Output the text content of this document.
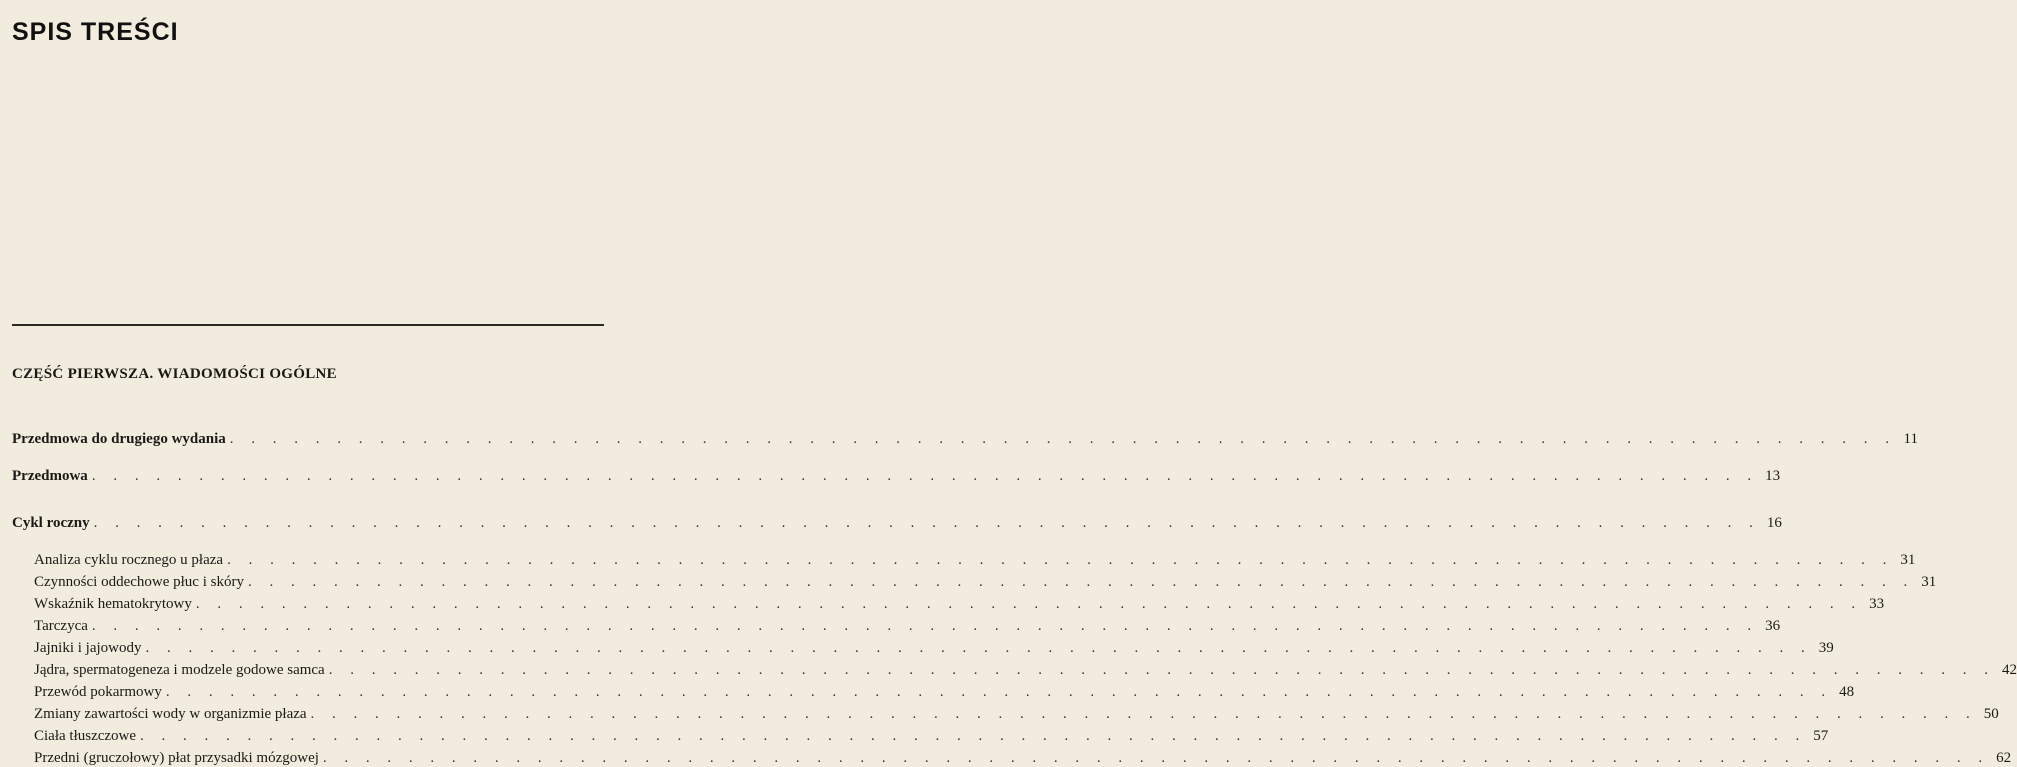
SPIS TREŚCI
CZĘŚĆ PIERWSZA. WIADOMOŚCI OGÓLNE
Przedmowa do drugiego wydania . . . . . . . . . . . . . . . . . . . . . . . . . . . . . . . . . . . . . . . . . . . . . . . . . . . . . . . . . . . . . . . . . . . . . . . . . . . . . . 11
Przedmowa . . . . . . . . . . . . . . . . . . . . . . . . . . . . . . . . . . . . . . . . . . . . . . . . . . . . . . . . . . . . . . . . . . . . . . . . . . . . . . 13
Cykl roczny . . . . . . . . . . . . . . . . . . . . . . . . . . . . . . . . . . . . . . . . . . . . . . . . . . . . . . . . . . . . . . . . . . . . . . . . . . . . . . 16
Analiza cyklu rocznego u płaza . . . . . . . . . . . . . . . . . . . . . . . . . . . . . . . . . . . . . . . . . . . . . . . . . . . . . . . . . . . . . . . . . . . . . . . . . . . . . . 31
Czynności oddechowe płuc i skóry . . . . . . . . . . . . . . . . . . . . . . . . . . . . . . . . . . . . . . . . . . . . . . . . . . . . . . . . . . . . . . . . . . . . . . . . . . . . . . 31
Wskaźnik hematokrytowy . . . . . . . . . . . . . . . . . . . . . . . . . . . . . . . . . . . . . . . . . . . . . . . . . . . . . . . . . . . . . . . . . . . . . . . . . . . . . . 33
Tarczyca . . . . . . . . . . . . . . . . . . . . . . . . . . . . . . . . . . . . . . . . . . . . . . . . . . . . . . . . . . . . . . . . . . . . . . . . . . . . . . 36
Jajniki i jajowody . . . . . . . . . . . . . . . . . . . . . . . . . . . . . . . . . . . . . . . . . . . . . . . . . . . . . . . . . . . . . . . . . . . . . . . . . . . . . . 39
Jądra, spermatogeneza i modzele godowe samca . . . . . . . . . . . . . . . . . . . . . . . . . . . . . . . . . . . . . . . . . . . . . . . . . . . . . . . . . . . . . . . . . . . . . . . . . . . . . . 42
Przewód pokarmowy . . . . . . . . . . . . . . . . . . . . . . . . . . . . . . . . . . . . . . . . . . . . . . . . . . . . . . . . . . . . . . . . . . . . . . . . . . . . . . 48
Zmiany zawartości wody w organizmie płaza . . . . . . . . . . . . . . . . . . . . . . . . . . . . . . . . . . . . . . . . . . . . . . . . . . . . . . . . . . . . . . . . . . . . . . . . . . . . . . 50
Ciała tłuszczowe . . . . . . . . . . . . . . . . . . . . . . . . . . . . . . . . . . . . . . . . . . . . . . . . . . . . . . . . . . . . . . . . . . . . . . . . . . . . . . 57
Przedni (gruczołowy) płat przysadki mózgowej . . . . . . . . . . . . . . . . . . . . . . . . . . . . . . . . . . . . . . . . . . . . . . . . . . . . . . . . . . . . . . . . . . . . . . . . . . . . . . 62
